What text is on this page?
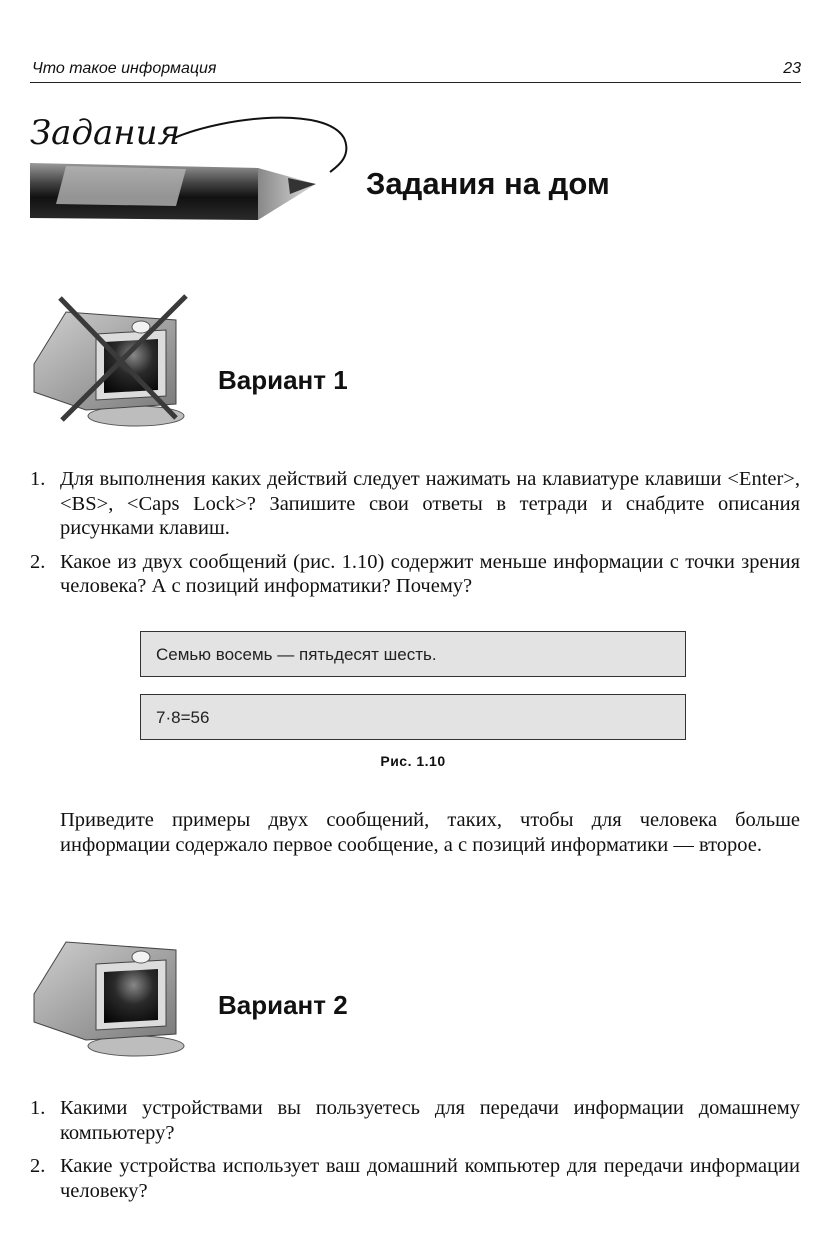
Что такое информация	23
Задания
Задания на дом
Вариант 1
1. Для выполнения каких действий следует нажимать на клавиатуре клавиши <Enter>, <BS>, <Caps Lock>? Запишите свои ответы в тетради и снабдите описания рисунками клавиш.
2. Какое из двух сообщений (рис. 1.10) содержит меньше информации с точки зрения человека? А с позиций информатики? Почему?
Семью восемь — пятьдесят шесть.
7·8=56
Рис. 1.10

Приведите примеры двух сообщений, таких, чтобы для человека больше информации содержало первое сообщение, а с позиций информатики — второе.

Вариант 2
1. Какими устройствами вы пользуетесь для передачи информации домашнему компьютеру?
2. Какие устройства использует ваш домашний компьютер для передачи информации человеку?
